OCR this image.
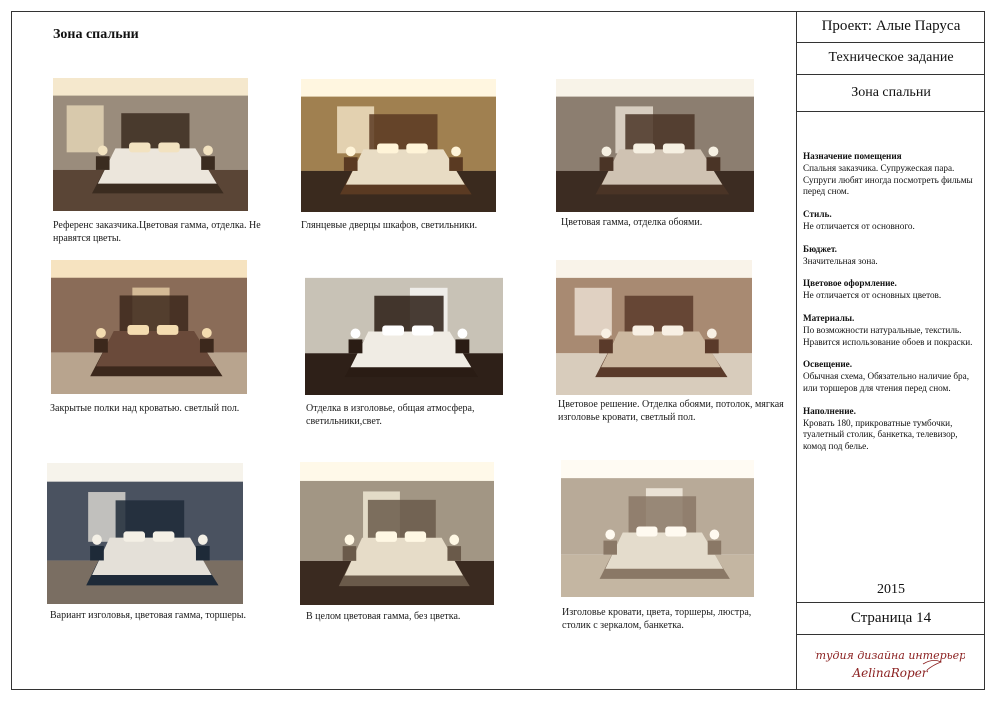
Зона спальни
Референс заказчика.Цветовая гамма, отделка. Не нравятся цветы.
Глянцевые дверцы шкафов, светильники.	Цветовая гамма, отделка обоями.
Закрытые полки над кроватью. светлый пол.	Отделка в изголовье, общая атмосфера, светильники,свет.
Цветовое решение. Отделка обоями, потолок, мягкая изголовье кровати, светлый пол.
Вариант изголовья, цветовая гамма, торшеры.	В целом цветовая гамма, без цветка.	Изголовье кровати, цвета, торшеры, люстра, столик с зеркалом, банкетка.
Проект: Алые Паруса
Техническое задание
Зона спальни
Назначение помещения
Спальня заказчика. Супружеская пара. Супруги любят иногда посмотреть фильмы перед сном.
Стиль.
Не отличается от основного.
Бюджет.
Значительная зона.
Цветовое оформление.
Не отличается от основных цветов.
Материалы.
По возможности натуральные, текстиль. Нравится использование обоев и покраски.
Освещение.
Обычная схема, Обязательно наличие бра, или торшеров для чтения перед сном.
Наполнение.
Кровать 180, прикроватные тумбочки, туалетный столик, банкетка, телевизор, комод под белье.
2015
Страница 14
Студия дизайна интерьера
AelinaRoper
